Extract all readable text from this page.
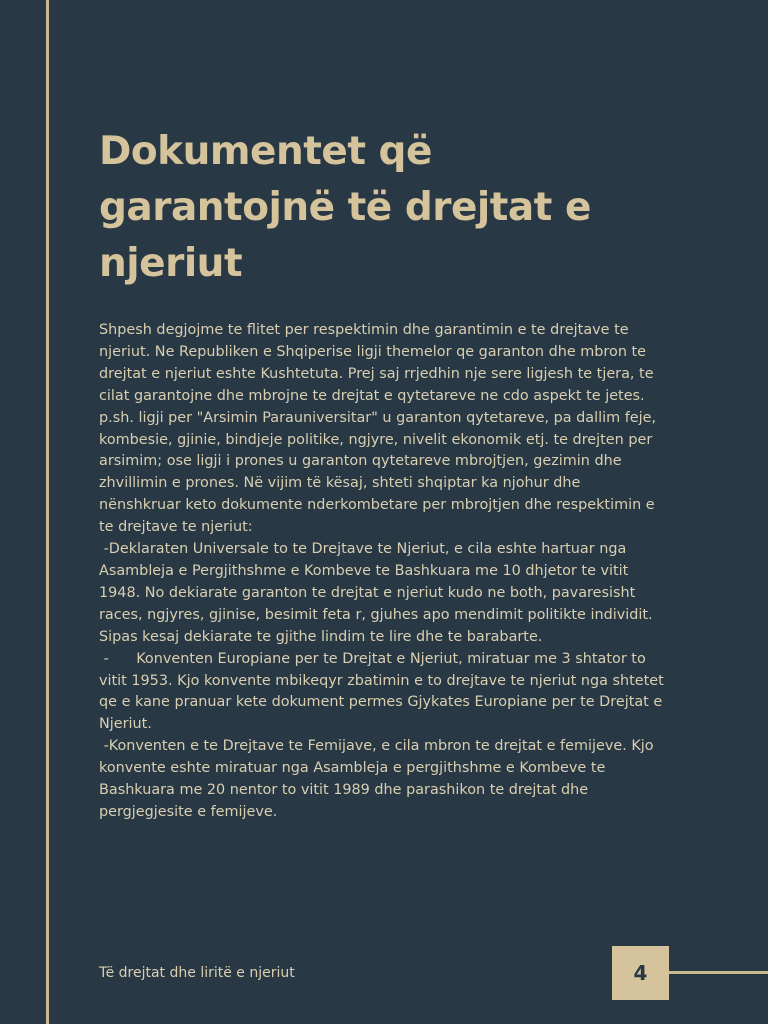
Dokumentet që
garantojnë të drejtat e
njeriut

Shpesh degjojme te flitet per respektimin dhe garantimin e te drejtave te

njeriut. Ne Republiken e Shqiperise ligji themelor qe garanton dhe mbron te

drejtat e njeriut eshte Kushtetuta. Prej saj rrjedhin nje sere ligjesh te tjera, te

cilat garantojne dhe mbrojne te drejtat e qytetareve ne cdo aspekt te jetes.

p.sh. ligji per "Arsimin Parauniversitar" u garanton qytetareve, pa dallim feje,

kombesie, gjinie, bindjeje politike, ngjyre, nivelit ekonomik etj. te drejten per

arsimim; ose ligji i prones u garanton qytetareve mbrojtjen, gezimin dhe

zhvillimin e prones. Në vijim të kësaj, shteti shqiptar ka njohur dhe

nënshkruar keto dokumente nderkombetare per mbrojtjen dhe respektimin e

te drejtave te njeriut:

-Deklaraten Universale to te Drejtave te Njeriut, e cila eshte hartuar nga

Asambleja e Pergjithshme e Kombeve te Bashkuara me 10 dhjetor te vitit

1948. No dekiarate garanton te drejtat e njeriut kudo ne both, pavaresisht

races, ngjyres, gjinise, besimit feta r, gjuhes apo mendimit politikte individit.

Sipas kesaj dekiarate te gjithe lindim te lire dhe te barabarte.

-      Konventen Europiane per te Drejtat e Njeriut, miratuar me 3 shtator to

vitit 1953. Kjo konvente mbikeqyr zbatimin e to drejtave te njeriut nga shtetet

qe e kane pranuar kete dokument permes Gjykates Europiane per te Drejtat e

Njeriut.

-Konventen e te Drejtave te Femijave, e cila mbron te drejtat e femijeve. Kjo

konvente eshte miratuar nga Asambleja e pergjithshme e Kombeve te

Bashkuara me 20 nentor to vitit 1989 dhe parashikon te drejtat dhe

pergjegjesite e femijeve.

Të drejtat dhe liritë e njeriut	4
